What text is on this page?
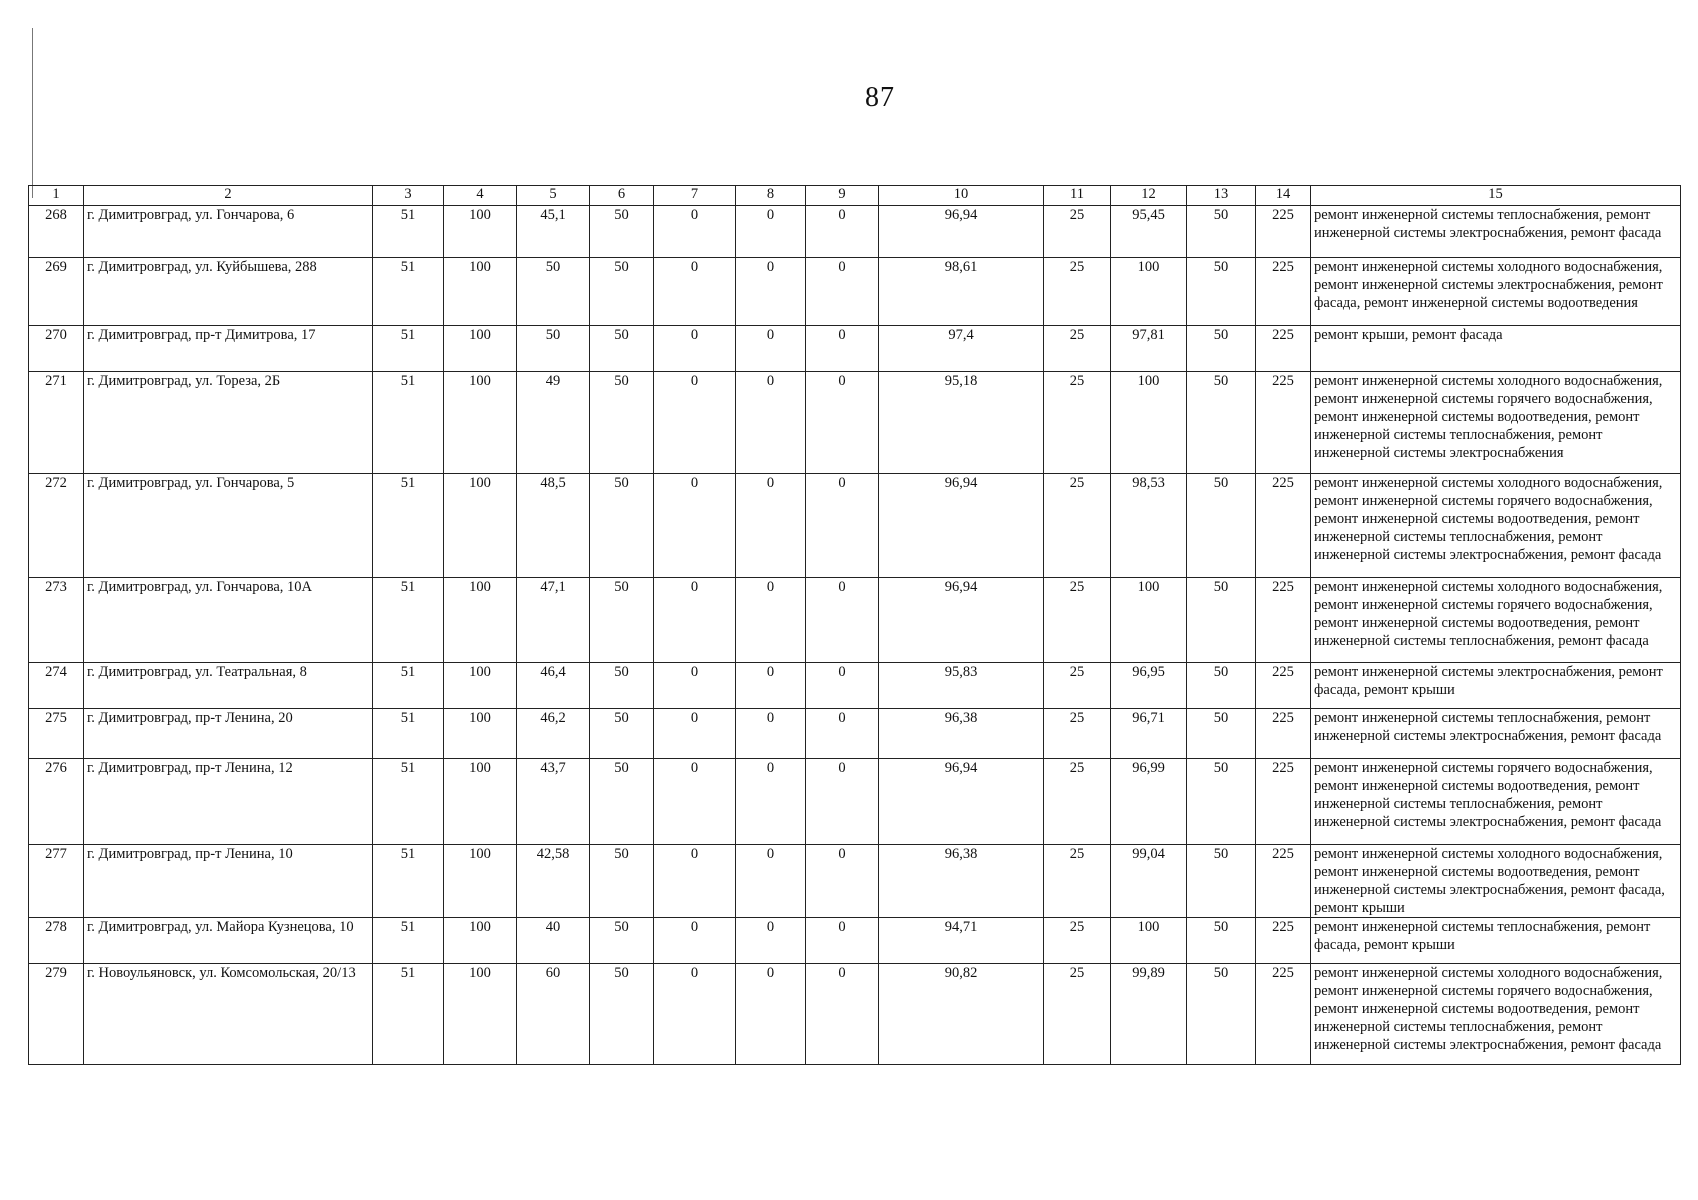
87
1	2	3	4	5	6	7	8	9	10	11	12	13	14	15
268	г. Димитровград, ул. Гончарова, 6	51	100	45,1	50	0	0	0	96,94	25	95,45	50	225	ремонт инженерной системы теплоснабжения, ремонт инженерной системы электроснабжения, ремонт фасада
269	г. Димитровград, ул. Куйбышева, 288	51	100	50	50	0	0	0	98,61	25	100	50	225	ремонт инженерной системы холодного водоснабжения, ремонт инженерной системы электроснабжения, ремонт фасада, ремонт инженерной системы водоотведения
270	г. Димитровград, пр-т Димитрова, 17	51	100	50	50	0	0	0	97,4	25	97,81	50	225	ремонт крыши, ремонт фасада
271	г. Димитровград, ул. Тореза, 2Б	51	100	49	50	0	0	0	95,18	25	100	50	225	ремонт инженерной системы холодного водоснабжения, ремонт инженерной системы горячего водоснабжения, ремонт инженерной системы водоотведения, ремонт инженерной системы теплоснабжения, ремонт инженерной системы электроснабжения
272	г. Димитровград, ул. Гончарова, 5	51	100	48,5	50	0	0	0	96,94	25	98,53	50	225	ремонт инженерной системы холодного водоснабжения, ремонт инженерной системы горячего водоснабжения, ремонт инженерной системы водоотведения, ремонт инженерной системы теплоснабжения, ремонт инженерной системы электроснабжения, ремонт фасада
273	г. Димитровград, ул. Гончарова, 10А	51	100	47,1	50	0	0	0	96,94	25	100	50	225	ремонт инженерной системы холодного водоснабжения, ремонт инженерной системы горячего водоснабжения, ремонт инженерной системы водоотведения, ремонт инженерной системы теплоснабжения, ремонт фасада
274	г. Димитровград, ул. Театральная, 8	51	100	46,4	50	0	0	0	95,83	25	96,95	50	225	ремонт инженерной системы электроснабжения, ремонт фасада, ремонт крыши
275	г. Димитровград, пр-т Ленина, 20	51	100	46,2	50	0	0	0	96,38	25	96,71	50	225	ремонт инженерной системы теплоснабжения, ремонт инженерной системы электроснабжения, ремонт фасада
276	г. Димитровград, пр-т Ленина, 12	51	100	43,7	50	0	0	0	96,94	25	96,99	50	225	ремонт инженерной системы горячего водоснабжения, ремонт инженерной системы водоотведения, ремонт инженерной системы теплоснабжения, ремонт инженерной системы электроснабжения, ремонт фасада
277	г. Димитровград, пр-т Ленина, 10	51	100	42,58	50	0	0	0	96,38	25	99,04	50	225	ремонт инженерной системы холодного водоснабжения, ремонт инженерной системы водоотведения, ремонт инженерной системы электроснабжения, ремонт фасада, ремонт крыши
278	г. Димитровград, ул. Майора Кузнецова, 10	51	100	40	50	0	0	0	94,71	25	100	50	225	ремонт инженерной системы теплоснабжения, ремонт фасада, ремонт крыши
279	г. Новоульяновск, ул. Комсомольская, 20/13	51	100	60	50	0	0	0	90,82	25	99,89	50	225	ремонт инженерной системы холодного водоснабжения, ремонт инженерной системы горячего водоснабжения, ремонт инженерной системы водоотведения, ремонт инженерной системы теплоснабжения, ремонт инженерной системы электроснабжения, ремонт фасада
